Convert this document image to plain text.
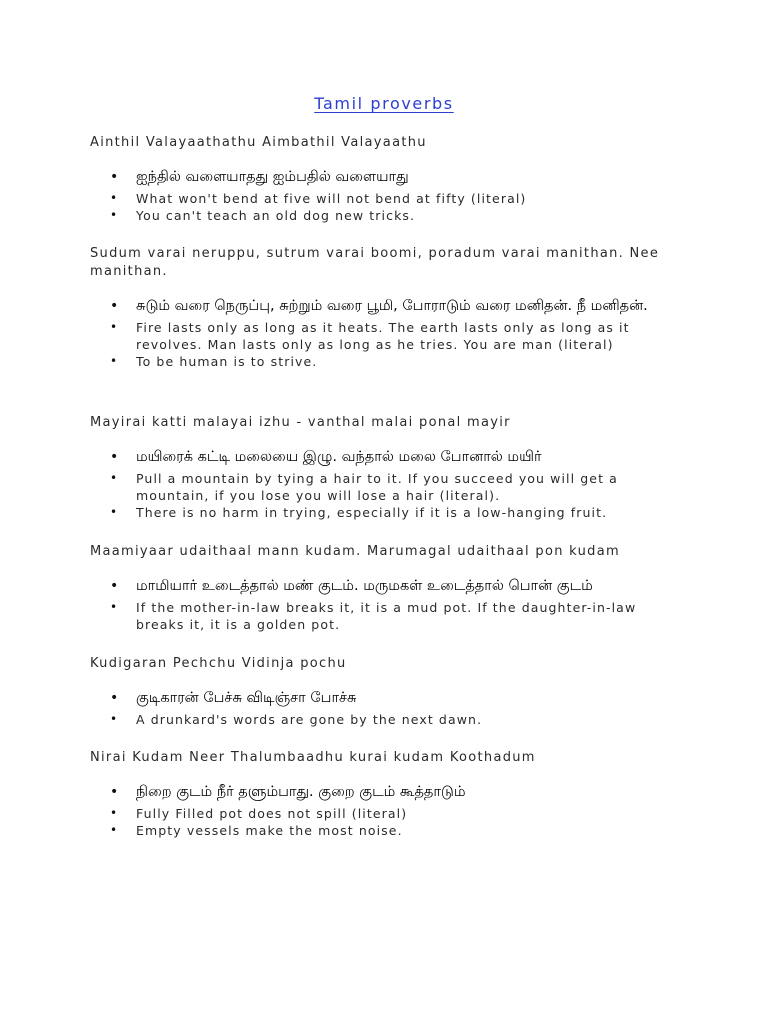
Tamil proverbs
Ainthil Valayaathathu Aimbathil Valayaathu
• ஐந்தில் வளையாதது ஐம்பதில் வளையாது
• What won't bend at five will not bend at fifty (literal)
• You can't teach an old dog new tricks.
Sudum varai neruppu, sutrum varai boomi, poradum varai manithan. Nee manithan.
• சுடும் வரை நெருப்பு, சுற்றும் வரை பூமி, போராடும் வரை மனிதன். நீ மனிதன்.
• Fire lasts only as long as it heats. The earth lasts only as long as it revolves. Man lasts only as long as he tries. You are man (literal)
• To be human is to strive.
Mayirai katti malayai izhu - vanthal malai ponal mayir
• மயிரைக் கட்டி மலையை இழு. வந்தால் மலை போனால் மயிர்
• Pull a mountain by tying a hair to it. If you succeed you will get a mountain, if you lose you will lose a hair (literal).
• There is no harm in trying, especially if it is a low-hanging fruit.
Maamiyaar udaithaal mann kudam. Marumagal udaithaal pon kudam
• மாமியார் உடைத்தால் மண் குடம். மருமகள் உடைத்தால் பொன் குடம்
• If the mother-in-law breaks it, it is a mud pot. If the daughter-in-law breaks it, it is a golden pot.
Kudigaran Pechchu Vidinja pochu
• குடிகாரன் பேச்சு விடிஞ்சா போச்சு
• A drunkard's words are gone by the next dawn.
Nirai Kudam Neer Thalumbaadhu kurai kudam Koothadum
• நிறை குடம் நீர் தளும்பாது. குறை குடம் கூத்தாடும்
• Fully Filled pot does not spill (literal)
• Empty vessels make the most noise.
